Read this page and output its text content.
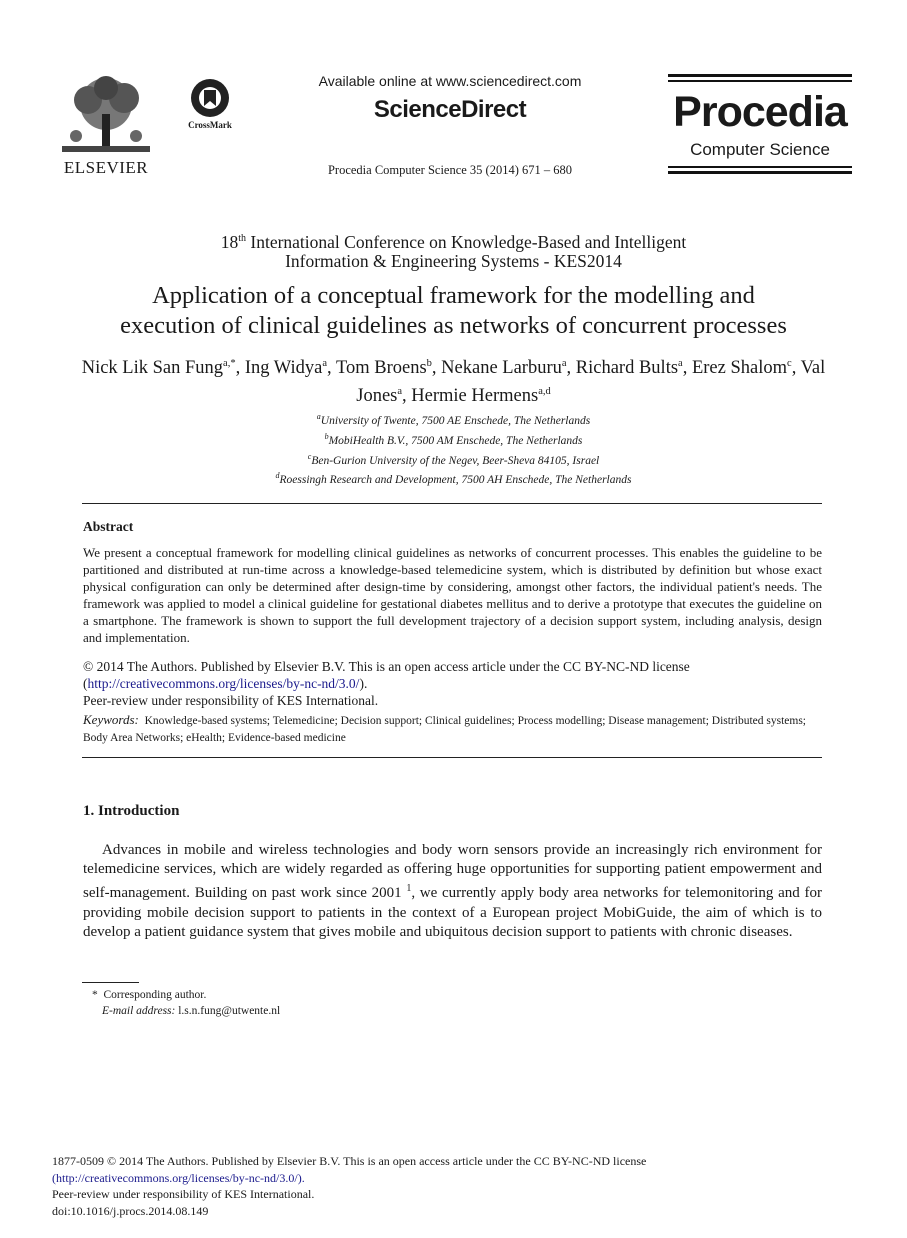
ELSEVIER
CrossMark
Available online at www.sciencedirect.com
ScienceDirect
Procedia Computer Science 35 (2014) 671 – 680
Procedia
Computer Science
18th International Conference on Knowledge-Based and Intelligent
Information & Engineering Systems - KES2014
Application of a conceptual framework for the modelling and
execution of clinical guidelines as networks of concurrent processes
Nick Lik San Fung$^{a,*}$, Ing Widya$^a$, Tom Broens$^b$, Nekane Larburu$^a$, Richard Bults$^a$, Erez Shalom$^c$, Val Jones$^a$, Hermie Hermens$^{a,d}$
$^a$University of Twente, 7500 AE Enschede, The Netherlands
$^b$MobiHealth B.V., 7500 AM Enschede, The Netherlands
$^c$Ben-Gurion University of the Negev, Beer-Sheva 84105, Israel
$^d$Roessingh Research and Development, 7500 AH Enschede, The Netherlands
Abstract
We present a conceptual framework for modelling clinical guidelines as networks of concurrent processes. This enables the guideline to be partitioned and distributed at run-time across a knowledge-based telemedicine system, which is distributed by definition but whose exact physical configuration can only be determined after design-time by considering, amongst other factors, the individual patient's needs. The framework was applied to model a clinical guideline for gestational diabetes mellitus and to derive a prototype that executes the guideline on a smartphone. The framework is shown to support the full development trajectory of a decision support system, including analysis, design and implementation.
© 2014 The Authors. Published by Elsevier B.V. This is an open access article under the CC BY-NC-ND license
(http://creativecommons.org/licenses/by-nc-nd/3.0/).
Peer-review under responsibility of KES International.
Keywords: Knowledge-based systems; Telemedicine; Decision support; Clinical guidelines; Process modelling; Disease management; Distributed systems; Body Area Networks; eHealth; Evidence-based medicine
1. Introduction

Advances in mobile and wireless technologies and body worn sensors provide an increasingly rich environment for telemedicine services, which are widely regarded as offering huge opportunities for supporting patient empowerment and self-management. Building on past work since 2001 $^1$, we currently apply body area networks for telemonitoring and for providing mobile decision support to patients in the context of a European project MobiGuide, the aim of which is to develop a patient guidance system that gives mobile and ubiquitous decision support to patients with chronic diseases.

* Corresponding author.
E-mail address: l.s.n.fung@utwente.nl
1877-0509 © 2014 The Authors. Published by Elsevier B.V. This is an open access article under the CC BY-NC-ND license
(http://creativecommons.org/licenses/by-nc-nd/3.0/).
Peer-review under responsibility of KES International.
doi:10.1016/j.procs.2014.08.149
